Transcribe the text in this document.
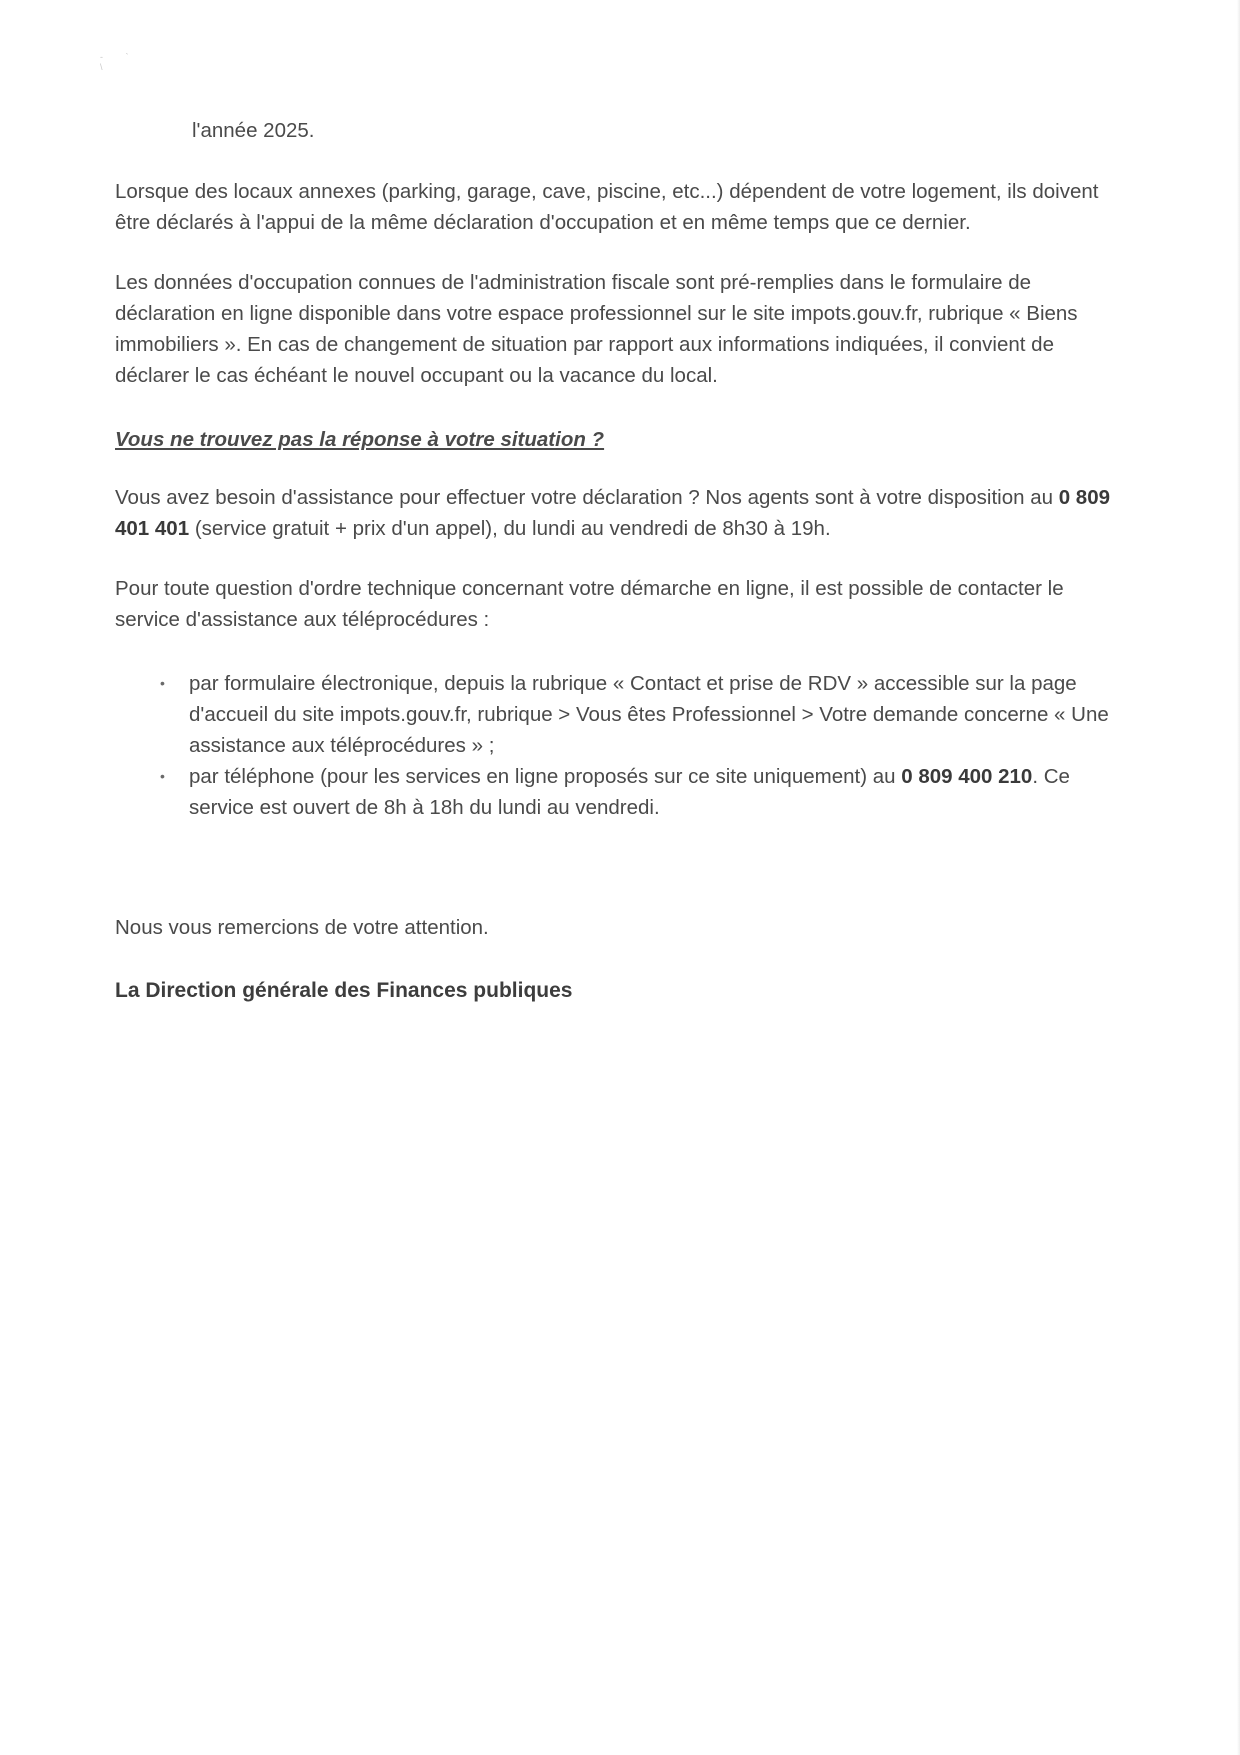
- ` \

l'année 2025.

Lorsque des locaux annexes (parking, garage, cave, piscine, etc...) dépendent de votre logement, ils doivent être déclarés à l'appui de la même déclaration d'occupation et en même temps que ce dernier.

Les données d'occupation connues de l'administration fiscale sont pré-remplies dans le formulaire de déclaration en ligne disponible dans votre espace professionnel sur le site impots.gouv.fr, rubrique « Biens immobiliers ». En cas de changement de situation par rapport aux informations indiquées, il convient de déclarer le cas échéant le nouvel occupant ou la vacance du local.

Vous ne trouvez pas la réponse à votre situation ?

Vous avez besoin d'assistance pour effectuer votre déclaration ? Nos agents sont à votre disposition au 0 809 401 401 (service gratuit + prix d'un appel), du lundi au vendredi de 8h30 à 19h.

Pour toute question d'ordre technique concernant votre démarche en ligne, il est possible de contacter le service d'assistance aux téléprocédures :

• par formulaire électronique, depuis la rubrique « Contact et prise de RDV » accessible sur la page d'accueil du site impots.gouv.fr, rubrique > Vous êtes Professionnel > Votre demande concerne « Une assistance aux téléprocédures » ;
• par téléphone (pour les services en ligne proposés sur ce site uniquement) au 0 809 400 210. Ce service est ouvert de 8h à 18h du lundi au vendredi.

Nous vous remercions de votre attention.

La Direction générale des Finances publiques
